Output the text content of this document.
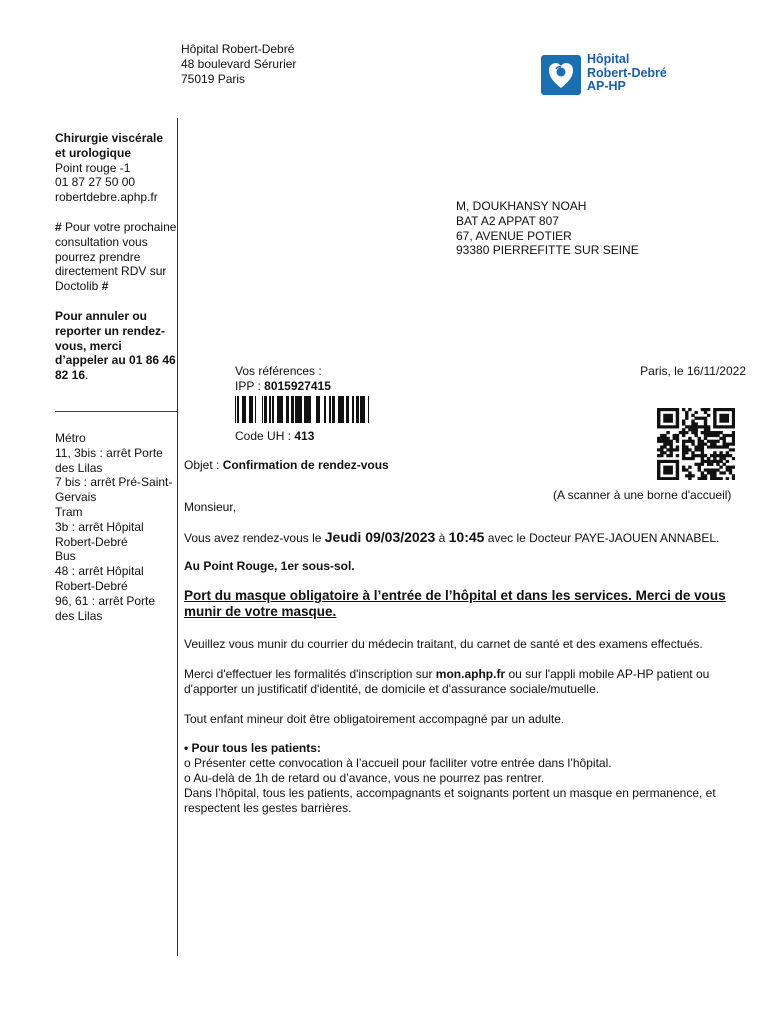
Hôpital Robert-Debré
48 boulevard Sérurier
75019 Paris
Hôpital
Robert-Debré
AP-HP
Chirurgie viscérale et urologique
Point rouge -1
01 87 27 50 00
robertdebre.aphp.fr
# Pour votre prochaine consultation vous pourrez prendre directement RDV sur Doctolib #
Pour annuler ou reporter un rendez-vous, merci d’appeler au 01 86 46 82 16.
Métro
11, 3bis : arrêt Porte des Lilas
7 bis : arrêt Pré-Saint-Gervais
Tram
3b : arrêt Hôpital Robert-Debré
Bus
48 : arrêt Hôpital Robert-Debré
96, 61 : arrêt Porte des Lilas
M, DOUKHANSY NOAH
BAT A2 APPAT 807
67, AVENUE POTIER
93380 PIERREFITTE SUR SEINE
Vos références :
IPP : 8015927415
Code UH : 413
Paris, le 16/11/2022
(A scanner à une borne d'accueil)
Objet : Confirmation de rendez-vous
Monsieur,
Vous avez rendez-vous le Jeudi 09/03/2023 à 10:45 avec le Docteur PAYE-JAOUEN ANNABEL.
Au Point Rouge, 1er sous-sol.
Port du masque obligatoire à l’entrée de l’hôpital et dans les services. Merci de vous munir de votre masque.
Veuillez vous munir du courrier du médecin traitant, du carnet de santé et des examens effectués.
Merci d'effectuer les formalités d'inscription sur mon.aphp.fr ou sur l'appli mobile AP-HP patient ou d'apporter un justificatif d'identité, de domicile et d'assurance sociale/mutuelle.
Tout enfant mineur doit être obligatoirement accompagné par un adulte.
• Pour tous les patients:
o Présenter cette convocation à l’accueil pour faciliter votre entrée dans l’hôpital.
o Au-delà de 1h de retard ou d’avance, vous ne pourrez pas rentrer.
Dans l’hôpital, tous les patients, accompagnants et soignants portent un masque en permanence, et respectent les gestes barrières.
